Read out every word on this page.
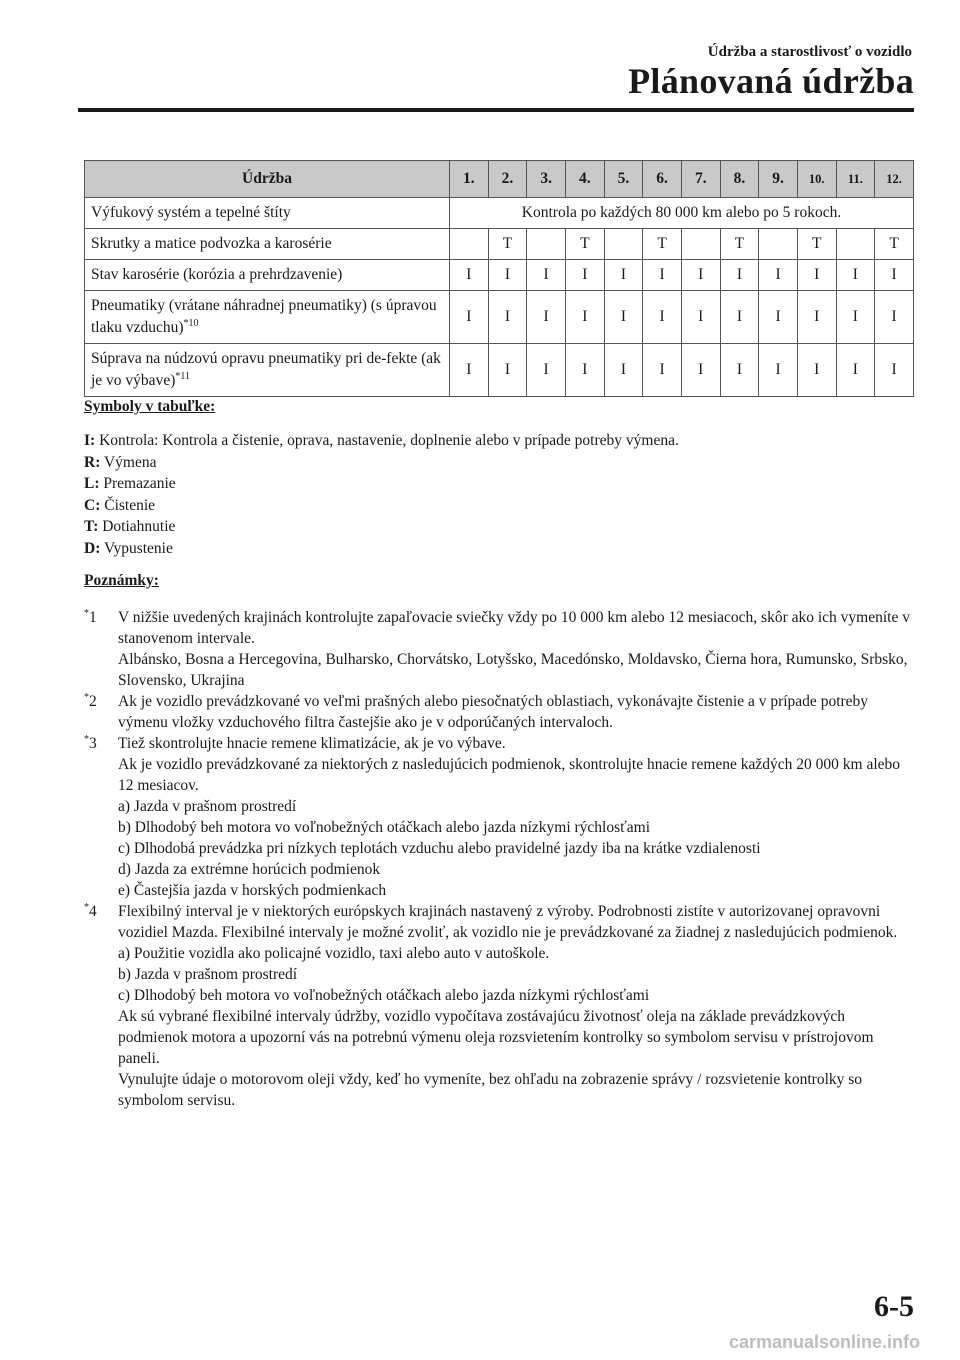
Údržba a starostlivosť o vozidlo
Plánovaná údržba
Údržba	1.	2.	3.	4.	5.	6.	7.	8.	9.	10.	11.	12.
Výfukový systém a tepelné štíty	Kontrola po každých 80 000 km alebo po 5 rokoch.											
Skrutky a matice podvozka a karosérie		T		T		T		T		T		T
Stav karosérie (korózia a prehrdzavenie)	I	I	I	I	I	I	I	I	I	I	I	I
Pneumatiky (vrátane náhradnej pneumatiky) (s úpravou tlaku vzduchu)$^{*10}$	I	I	I	I	I	I	I	I	I	I	I	I
Súprava na núdzovú opravu pneumatiky pri de-fekte (ak je vo výbave)$^{*11}$	I	I	I	I	I	I	I	I	I	I	I	I
Symboly v tabuľke:
I: Kontrola: Kontrola a čistenie, oprava, nastavenie, doplnenie alebo v prípade potreby výmena.
R: Výmena
L: Premazanie
C: Čistenie
T: Dotiahnutie
D: Vypustenie
Poznámky:
*1 V nižšie uvedených krajinách kontrolujte zapaľovacie sviečky vždy po 10 000 km alebo 12 mesiacoch, skôr ako ich vymeníte v stanovenom intervale.

Albánsko, Bosna a Hercegovina, Bulharsko, Chorvátsko, Lotyšsko, Macedónsko, Moldavsko, Čierna hora, Rumunsko, Srbsko, Slovensko, Ukrajina

*2 Ak je vozidlo prevádzkované vo veľmi prašných alebo piesočnatých oblastiach, vykonávajte čistenie a v prípade potreby výmenu vložky vzduchového filtra častejšie ako je v odporúčaných intervaloch.

*3 Tiež skontrolujte hnacie remene klimatizácie, ak je vo výbave.

Ak je vozidlo prevádzkované za niektorých z nasledujúcich podmienok, skontrolujte hnacie remene každých 20 000 km alebo 12 mesiacov.

a) Jazda v prašnom prostredí

b) Dlhodobý beh motora vo voľnobežných otáčkach alebo jazda nízkymi rýchlosťami

c) Dlhodobá prevádzka pri nízkych teplotách vzduchu alebo pravidelné jazdy iba na krátke vzdialenosti

d) Jazda za extrémne horúcich podmienok

e) Častejšia jazda v horských podmienkach

*4 Flexibilný interval je v niektorých európskych krajinách nastavený z výroby. Podrobnosti zistíte v autorizovanej opravovni vozidiel Mazda. Flexibilné intervaly je možné zvoliť, ak vozidlo nie je prevádzkované za žiadnej z nasledujúcich podmienok.

a) Použitie vozidla ako policajné vozidlo, taxi alebo auto v autoškole.

b) Jazda v prašnom prostredí

c) Dlhodobý beh motora vo voľnobežných otáčkach alebo jazda nízkymi rýchlosťami

Ak sú vybrané flexibilné intervaly údržby, vozidlo vypočítava zostávajúcu životnosť oleja na základe prevádzkových podmienok motora a upozorní vás na potrebnú výmenu oleja rozsvietením kontrolky so symbolom servisu v prístrojovom paneli.

Vynulujte údaje o motorovom oleji vždy, keď ho vymeníte, bez ohľadu na zobrazenie správy / rozsvietenie kontrolky so symbolom servisu.

6-5
carmanualsonline.info
